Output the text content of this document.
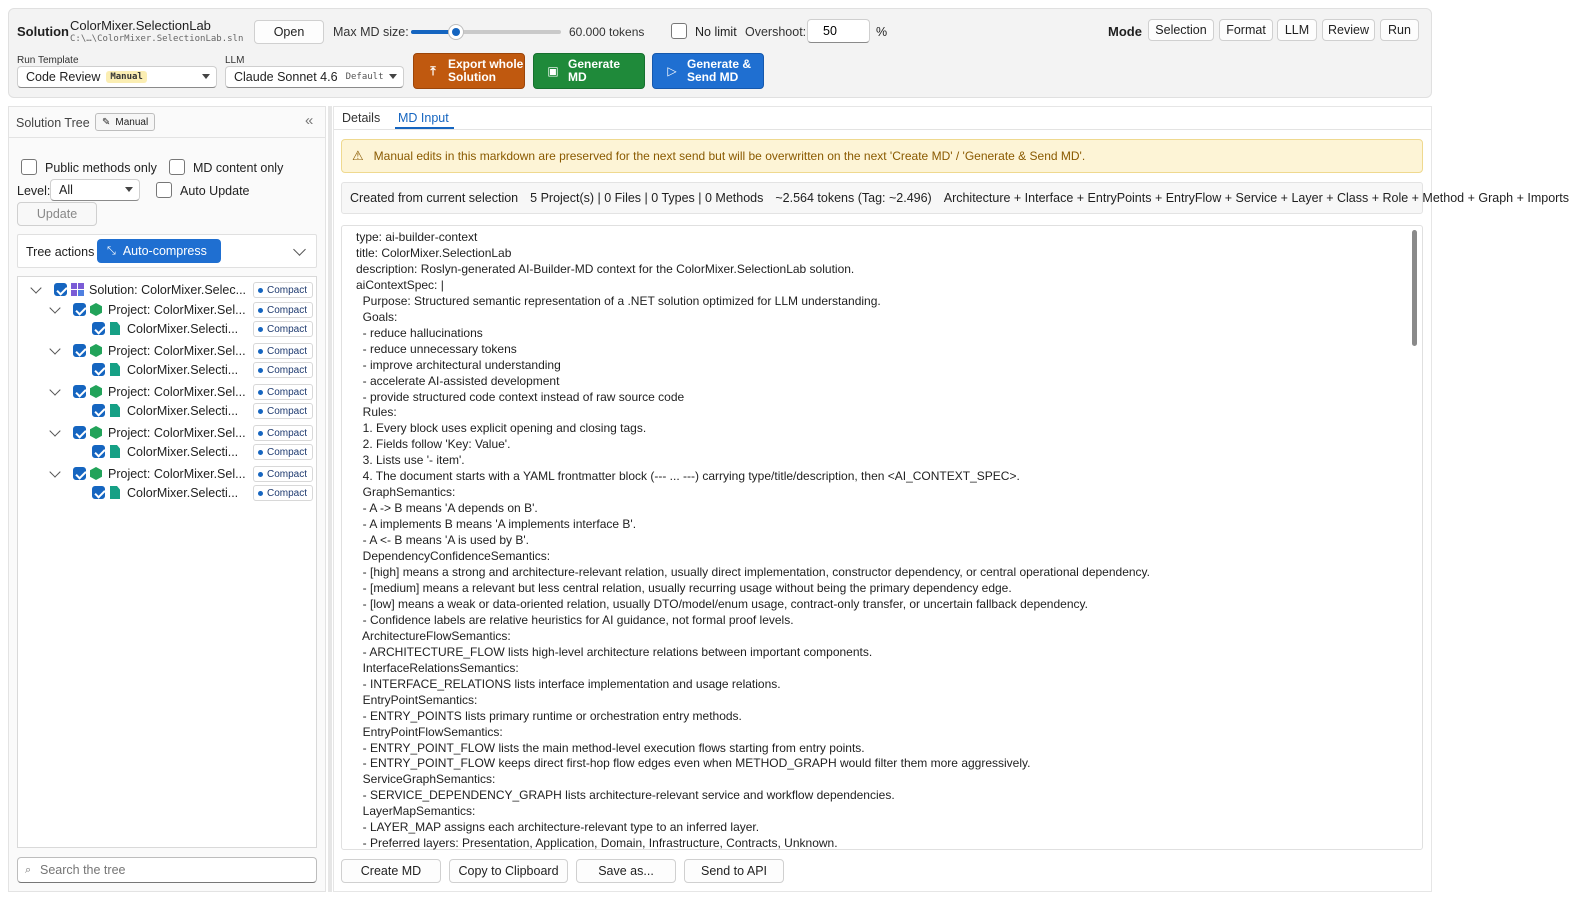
Solution ColorMixer.SelectionLab
C:\…\ColorMixer.SelectionLab.sln	Open	Max MD size:	60.000 tokens	No limit Overshoot:
50	%	Mode	Selection	Format	LLM	Review	Run
Run Template
Code Review	Manual
LLM
Claude Sonnet 4.6 Default	⤒	Export whole
Solution	▣ Generate
MD	▷ Generate &
Send MD
Solution Tree ✎ Manual	«
Public methods only	MD content only
Level: All	Auto Update
Update
Tree actions ⤡ Auto-compress
Solution: ColorMixer.Selec... Compact
Project: ColorMixer.Sel... Compact
ColorMixer.Selecti...	Compact
Project: ColorMixer.Sel... Compact
ColorMixer.Selecti...	Compact
Project: ColorMixer.Sel... Compact
ColorMixer.Selecti...	Compact
Project: ColorMixer.Sel... Compact
ColorMixer.Selecti...	Compact
Project: ColorMixer.Sel... Compact
ColorMixer.Selecti...	Compact
⌕
Search the tree
Details MD Input
⚠ Manual edits in this markdown are preserved for the next send but will be overwritten on the next 'Create MD' / 'Generate & Send MD'.
Created from current selection 5 Project(s) | 0 Files | 0 Types | 0 Methods ~2.564 tokens (Tag: ~2.496) Architecture + Interface + EntryPoints + EntryFlow + Service + Layer + Class + Role + Method + Graph + Imports
type: ai-builder-context
title: ColorMixer.SelectionLab
description: Roslyn-generated AI-Builder-MD context for the ColorMixer.SelectionLab solution.
aiContextSpec: |
Purpose: Structured semantic representation of a .NET solution optimized for LLM understanding.
Goals:
- reduce hallucinations
- reduce unnecessary tokens
- improve architectural understanding
- accelerate AI-assisted development
- provide structured code context instead of raw source code
Rules:
1. Every block uses explicit opening and closing tags.
2. Fields follow 'Key: Value'.
3. Lists use '- item'.
4. The document starts with a YAML frontmatter block (--- ... ---) carrying type/title/description, then <AI_CONTEXT_SPEC>.
GraphSemantics:
- A -> B means 'A depends on B'.
- A implements B means 'A implements interface B'.
- A <- B means 'A is used by B'.
DependencyConfidenceSemantics:
- [high] means a strong and architecture-relevant relation, usually direct implementation, constructor dependency, or central operational dependency.
- [medium] means a relevant but less central relation, usually recurring usage without being the primary dependency edge.
- [low] means a weak or data-oriented relation, usually DTO/model/enum usage, contract-only transfer, or uncertain fallback dependency.
- Confidence labels are relative heuristics for AI guidance, not formal proof levels.
ArchitectureFlowSemantics:
- ARCHITECTURE_FLOW lists high-level architecture relations between important components.
InterfaceRelationsSemantics:
- INTERFACE_RELATIONS lists interface implementation and usage relations.
EntryPointSemantics:
- ENTRY_POINTS lists primary runtime or orchestration entry methods.
EntryPointFlowSemantics:
- ENTRY_POINT_FLOW lists the main method-level execution flows starting from entry points.
- ENTRY_POINT_FLOW keeps direct first-hop flow edges even when METHOD_GRAPH would filter them more aggressively.
ServiceGraphSemantics:
- SERVICE_DEPENDENCY_GRAPH lists architecture-relevant service and workflow dependencies.
LayerMapSemantics:
- LAYER_MAP assigns each architecture-relevant type to an inferred layer.
- Preferred layers: Presentation, Application, Domain, Infrastructure, Contracts, Unknown.
Create MD	Copy to Clipboard	Save as...	Send to API
